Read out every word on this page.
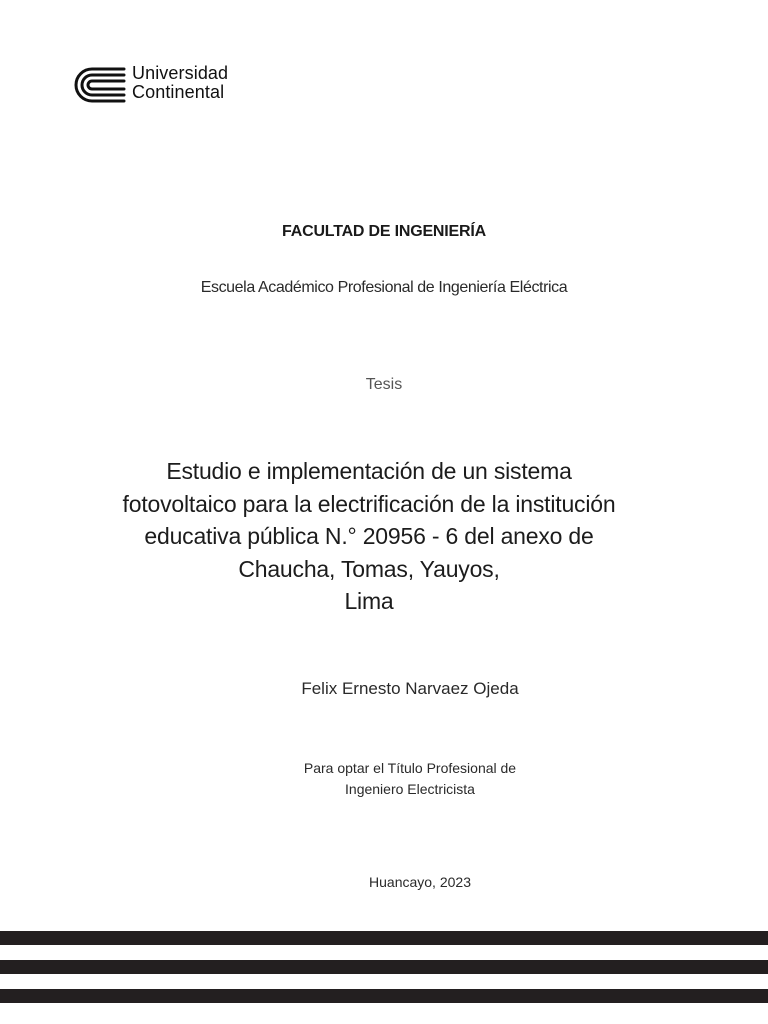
Universidad
Continental
FACULTAD DE INGENIERÍA
Escuela Académico Profesional de Ingeniería Eléctrica
Tesis
Estudio e implementación de un sistema
fotovoltaico para la electrificación de la institución
educativa pública N.° 20956 - 6 del anexo de
Chaucha, Tomas, Yauyos,
Lima
Felix Ernesto Narvaez Ojeda
Para optar el Título Profesional de
Ingeniero Electricista
Huancayo, 2023
